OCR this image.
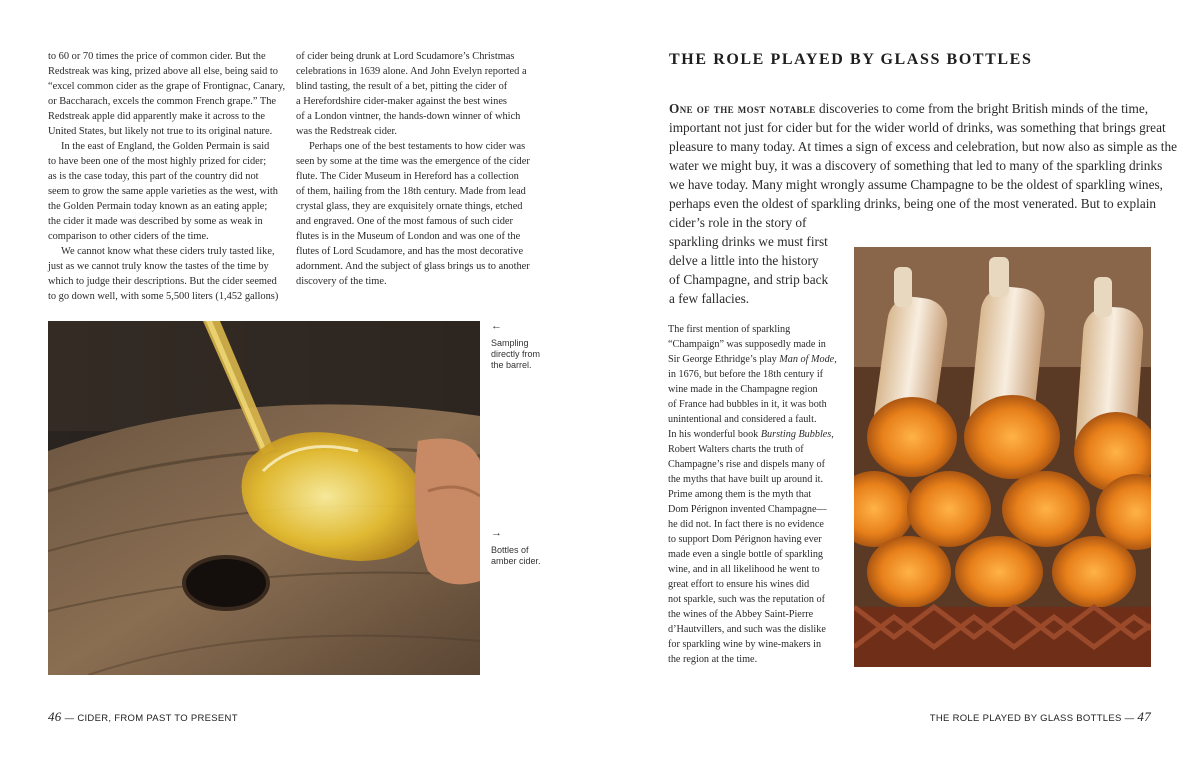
to 60 or 70 times the price of common cider. But the
Redstreak was king, prized above all else, being said to
“excel common cider as the grape of Frontignac, Canary,
or Baccharach, excels the common French grape.” The
Redstreak apple did apparently make it across to the
United States, but likely not true to its original nature.

In the east of England, the Golden Permain is said
to have been one of the most highly prized for cider;
as is the case today, this part of the country did not
seem to grow the same apple varieties as the west, with
the Golden Permain today known as an eating apple;
the cider it made was described by some as weak in
comparison to other ciders of the time.

We cannot know what these ciders truly tasted like,
just as we cannot truly know the tastes of the time by
which to judge their descriptions. But the cider seemed
to go down well, with some 5,500 liters (1,452 gallons)

of cider being drunk at Lord Scudamore’s Christmas
celebrations in 1639 alone. And John Evelyn reported a
blind tasting, the result of a bet, pitting the cider of
a Herefordshire cider-maker against the best wines
of a London vintner, the hands-down winner of which
was the Redstreak cider.

Perhaps one of the best testaments to how cider was
seen by some at the time was the emergence of the cider
flute. The Cider Museum in Hereford has a collection
of them, hailing from the 18th century. Made from lead
crystal glass, they are exquisitely ornate things, etched
and engraved. One of the most famous of such cider
flutes is in the Museum of London and was one of the
flutes of Lord Scudamore, and has the most decorative
adornment. And the subject of glass brings us to another
discovery of the time.

←
Sampling
directly from
the barrel.
→
Bottles of
amber cider.
46 — CIDER, FROM PAST TO PRESENT
THE ROLE PLAYED BY GLASS BOTTLES
One of the most notable discoveries to come from the bright British minds of the time,
important not just for cider but for the wider world of drinks, was something that brings great
pleasure to many today. At times a sign of excess and celebration, but now also as simple as the
water we might buy, it was a discovery of something that led to many of the sparkling drinks
we have today. Many might wrongly assume Champagne to be the oldest of sparkling wines,
perhaps even the oldest of sparkling drinks, being one of the most venerated. But to explain
cider’s role in the story of
sparkling drinks we must first
delve a little into the history
of Champagne, and strip back
a few fallacies.
The first mention of sparkling
“Champaign” was supposedly made in
Sir George Ethridge’s play Man of Mode,
in 1676, but before the 18th century if
wine made in the Champagne region
of France had bubbles in it, it was both
unintentional and considered a fault.
In his wonderful book Bursting Bubbles,
Robert Walters charts the truth of
Champagne’s rise and dispels many of
the myths that have built up around it.
Prime among them is the myth that
Dom Pérignon invented Champagne—
he did not. In fact there is no evidence
to support Dom Pérignon having ever
made even a single bottle of sparkling
wine, and in all likelihood he went to
great effort to ensure his wines did
not sparkle, such was the reputation of
the wines of the Abbey Saint-Pierre
d’Hautvillers, and such was the dislike
for sparkling wine by wine-makers in
the region at the time.
THE ROLE PLAYED BY GLASS BOTTLES — 47
